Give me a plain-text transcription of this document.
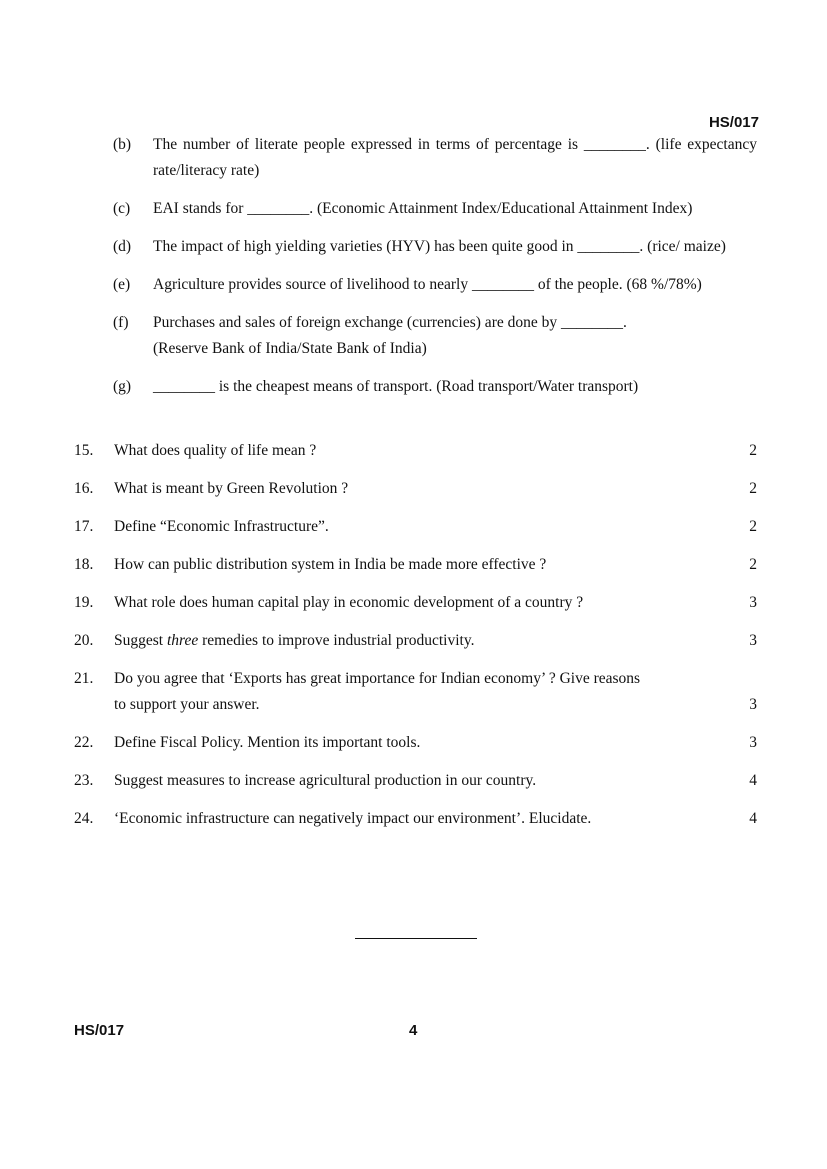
HS/017
(b)	The number of literate people expressed in terms of percentage is ________. (life expectancy rate/literacy rate)
(c)	EAI stands for ________. (Economic Attainment Index/Educational Attainment Index)
(d)	The impact of high yielding varieties (HYV) has been quite good in ________. (rice/ maize)
(e)	Agriculture provides source of livelihood to nearly ________ of the people. (68 %/78%)
(f)	Purchases and sales of foreign exchange (currencies) are done by ________.
(Reserve Bank of India/State Bank of India)
(g)	________ is the cheapest means of transport. (Road transport/Water transport)
15.	What does quality of life mean ?	2
16.	What is meant by Green Revolution ?	2
17.	Define “Economic Infrastructure”.	2
18.	How can public distribution system in India be made more effective ?	2
19.	What role does human capital play in economic development of a country ?	3
20.	Suggest three remedies to improve industrial productivity.	3
21.	Do you agree that ‘Exports has great importance for Indian economy’ ? Give reasons
to support your answer.	3
22.	Define Fiscal Policy. Mention its important tools.	3
23.	Suggest measures to increase agricultural production in our country.	4
24.	‘Economic infrastructure can negatively impact our environment’. Elucidate.	4
HS/017	4
